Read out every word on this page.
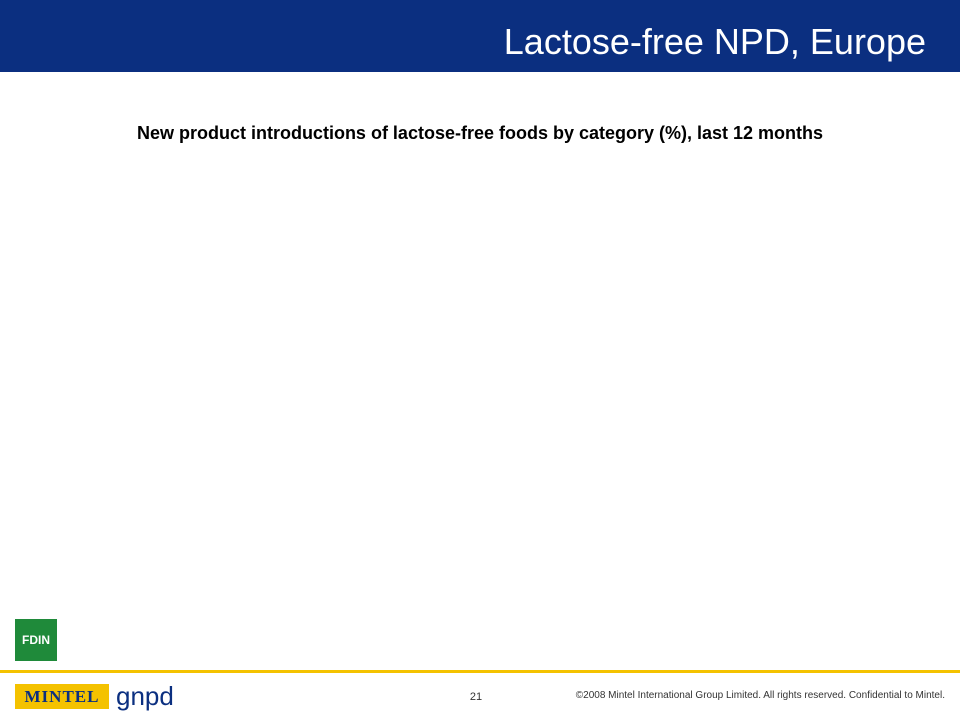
Lactose-free NPD, Europe
New product introductions of lactose-free foods by category (%), last 12 months
FDIN
MINTEL gnpd	21	©2008 Mintel International Group Limited. All rights reserved. Confidential to Mintel.
